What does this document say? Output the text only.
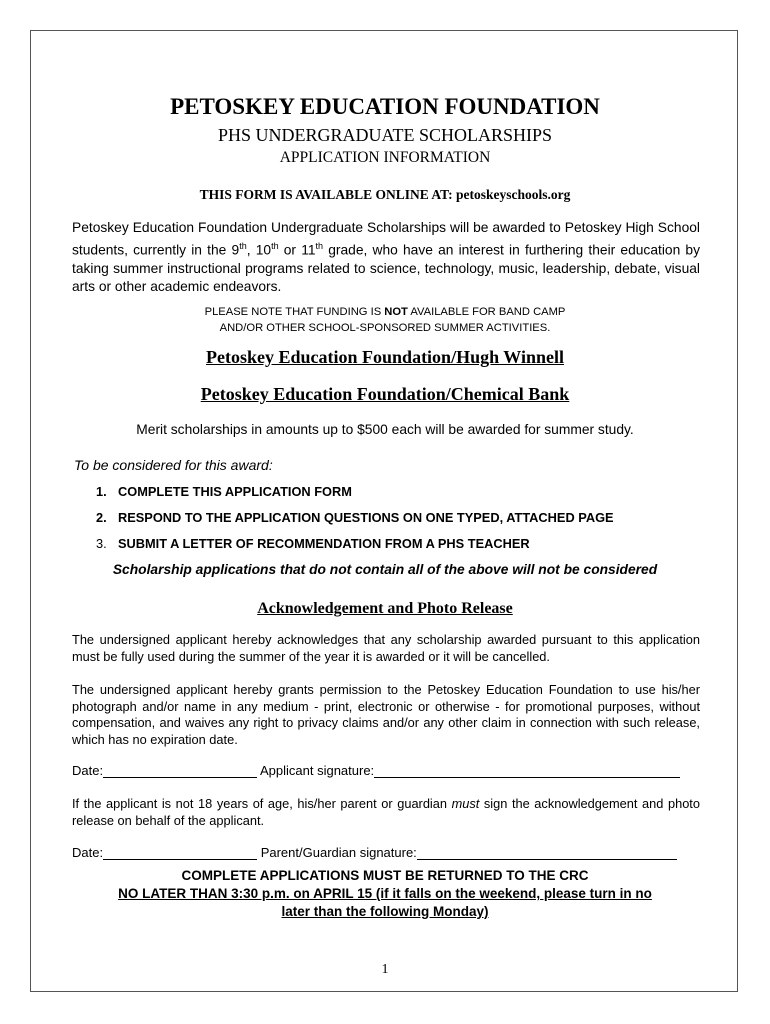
PETOSKEY EDUCATION FOUNDATION
PHS UNDERGRADUATE SCHOLARSHIPS
APPLICATION INFORMATION
THIS FORM IS AVAILABLE ONLINE AT: petoskeyschools.org

Petoskey Education Foundation Undergraduate Scholarships will be awarded to Petoskey High School students, currently in the 9th, 10th or 11th grade, who have an interest in furthering their education by taking summer instructional programs related to science, technology, music, leadership, debate, visual arts or other academic endeavors.

PLEASE NOTE THAT FUNDING IS NOT AVAILABLE FOR BAND CAMP
AND/OR OTHER SCHOOL-SPONSORED SUMMER ACTIVITIES.
Petoskey Education Foundation/Hugh Winnell
Petoskey Education Foundation/Chemical Bank
Merit scholarships in amounts up to $500 each will be awarded for summer study.
To be considered for this award:
1. COMPLETE THIS APPLICATION FORM
2. RESPOND TO THE APPLICATION QUESTIONS ON ONE TYPED, ATTACHED PAGE
3. SUBMIT A LETTER OF RECOMMENDATION FROM A PHS TEACHER
Scholarship applications that do not contain all of the above will not be considered
Acknowledgement and Photo Release

The undersigned applicant hereby acknowledges that any scholarship awarded pursuant to this application must be fully used during the summer of the year it is awarded or it will be cancelled.

The undersigned applicant hereby grants permission to the Petoskey Education Foundation to use his/her photograph and/or name in any medium - print, electronic or otherwise - for promotional purposes, without compensation, and waives any right to privacy claims and/or any other claim in connection with such release, which has no expiration date.

Date:	Applicant signature:

If the applicant is not 18 years of age, his/her parent or guardian must sign the acknowledgement and photo release on behalf of the applicant.

Date:	Parent/Guardian signature:
COMPLETE APPLICATIONS MUST BE RETURNED TO THE CRC
NO LATER THAN 3:30 p.m. on APRIL 15 (if it falls on the weekend, please turn in no
later than the following Monday)
1
